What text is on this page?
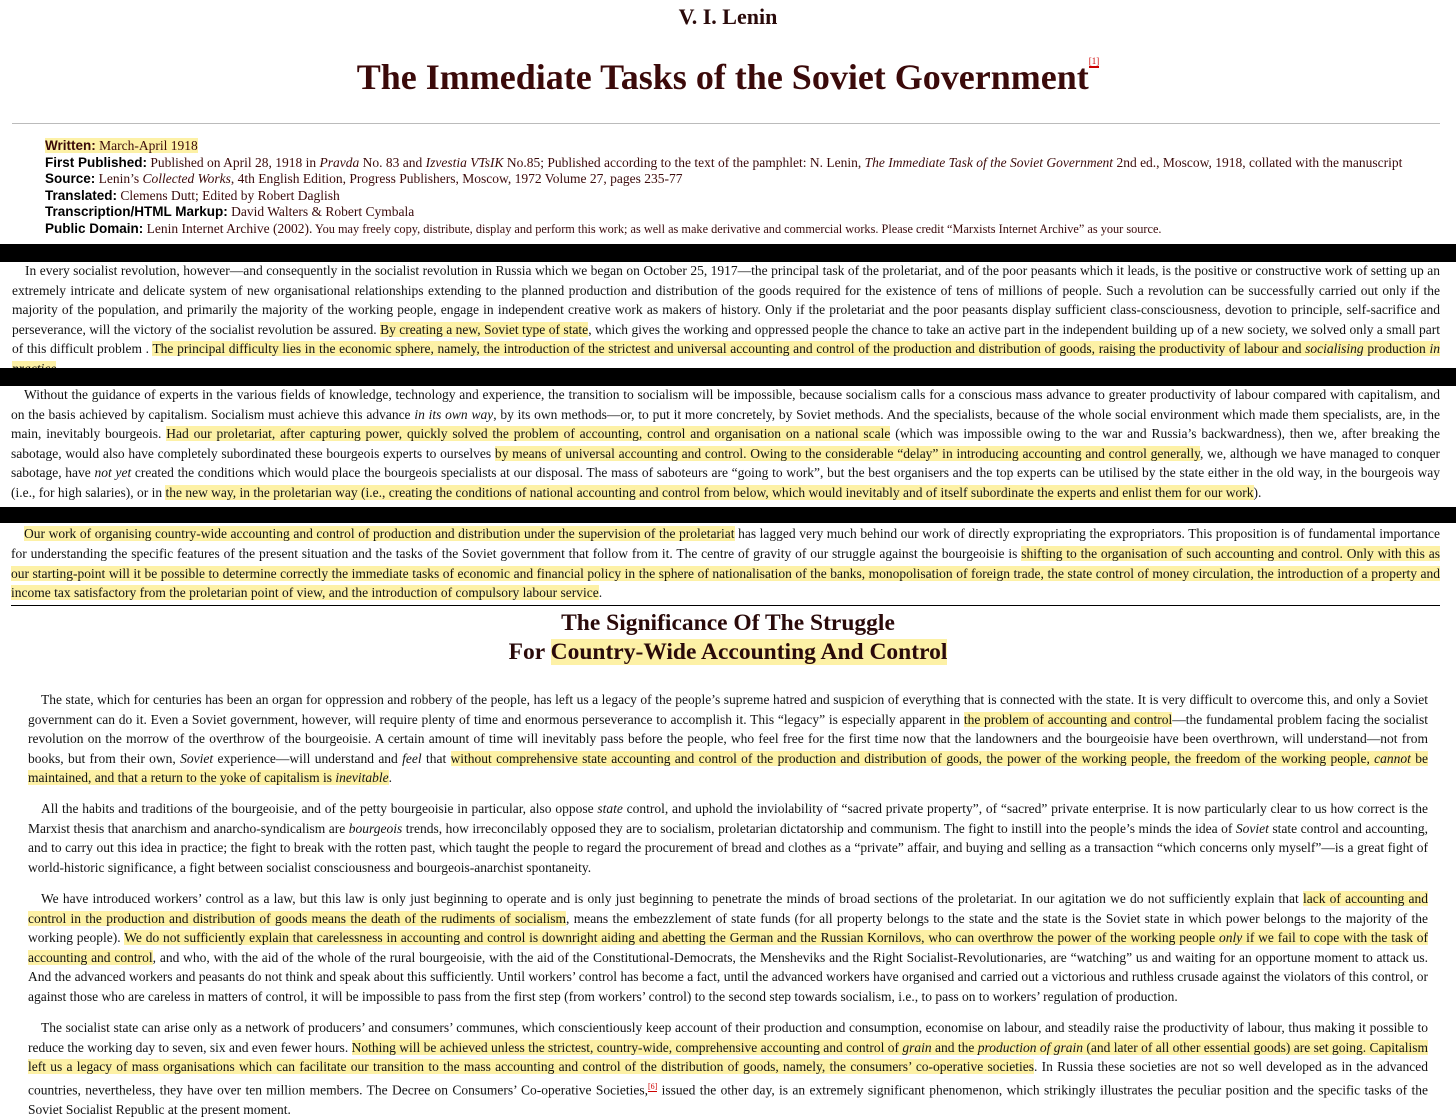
V. I. Lenin
The Immediate Tasks of the Soviet Government[1]
Written: March-April 1918
First Published: Published on April 28, 1918 in Pravda No. 83 and Izvestia VTsIK No.85; Published according to the text of the pamphlet: N. Lenin, The Immediate Task of the Soviet Government 2nd ed., Moscow, 1918, collated with the manuscript
Source: Lenin’s Collected Works, 4th English Edition, Progress Publishers, Moscow, 1972 Volume 27, pages 235-77
Translated: Clemens Dutt; Edited by Robert Daglish
Transcription/HTML Markup: David Walters & Robert Cymbala
Public Domain: Lenin Internet Archive (2002). You may freely copy, distribute, display and perform this work; as well as make derivative and commercial works. Please credit “Marxists Internet Archive” as your source.
In every socialist revolution, however—and consequently in the socialist revolution in Russia which we began on October 25, 1917—the principal task of the proletariat, and of the poor peasants which it leads, is the positive or constructive work of setting up an extremely intricate and delicate system of new organisational relationships extending to the planned production and distribution of the goods required for the existence of tens of millions of people. Such a revolution can be successfully carried out only if the majority of the population, and primarily the majority of the working people, engage in independent creative work as makers of history. Only if the proletariat and the poor peasants display sufficient class-consciousness, devotion to principle, self-sacrifice and perseverance, will the victory of the socialist revolution be assured. By creating a new, Soviet type of state, which gives the working and oppressed people the chance to take an active part in the independent building up of a new society, we solved only a small part of this difficult problem . The principal difficulty lies in the economic sphere, namely, the introduction of the strictest and universal accounting and control of the production and distribution of goods, raising the productivity of labour and socialising production in
Without the guidance of experts in the various fields of knowledge, technology and experience, the transition to socialism will be impossible, because socialism calls for a conscious mass advance to greater productivity of labour compared with capitalism, and on the basis achieved by capitalism. Socialism must achieve this advance in its own way, by its own methods—or, to put it more concretely, by Soviet methods. And the specialists, because of the whole social environment which made them specialists, are, in the main, inevitably bourgeois. Had our proletariat, after capturing power, quickly solved the problem of accounting, control and organisation on a national scale (which was impossible owing to the war and Russia’s backwardness), then we, after breaking the sabotage, would also have completely subordinated these bourgeois experts to ourselves by means of universal accounting and control. Owing to the considerable “delay” in introducing accounting and control generally, we, although we have managed to conquer sabotage, have not yet created the conditions which would place the bourgeois specialists at our disposal. The mass of saboteurs are “going to work”, but the best organisers and the top experts can be utilised by the state either in the old way, in the bourgeois way (i.e., for high salaries), or in the new way, in the proletarian way (i.e., creating the conditions of national accounting and control from below, which would inevitably and of itself subordinate the experts and enlist them for our work).
Our work of organising country-wide accounting and control of production and distribution under the supervision of the proletariat has lagged very much behind our work of directly expropriating the expropriators. This proposition is of fundamental importance for understanding the specific features of the present situation and the tasks of the Soviet government that follow from it. The centre of gravity of our struggle against the bourgeoisie is shifting to the organisation of such accounting and control. Only with this as our starting-point will it be possible to determine correctly the immediate tasks of economic and financial policy in the sphere of nationalisation of the banks, monopolisation of foreign trade, the state control of money circulation, the introduction of a property and income tax satisfactory from the proletarian point of view, and the introduction of compulsory labour service.
The Significance Of The Struggle
For Country-Wide Accounting And Control
The state, which for centuries has been an organ for oppression and robbery of the people, has left us a legacy of the people’s supreme hatred and suspicion of everything that is connected with the state. It is very difficult to overcome this, and only a Soviet government can do it. Even a Soviet government, however, will require plenty of time and enormous perseverance to accomplish it. This “legacy” is especially apparent in the problem of accounting and control—the fundamental problem facing the socialist revolution on the morrow of the overthrow of the bourgeoisie. A certain amount of time will inevitably pass before the people, who feel free for the first time now that the landowners and the bourgeoisie have been overthrown, will understand—not from books, but from their own, Soviet experience—will understand and feel that without comprehensive state accounting and control of the production and distribution of goods, the power of the working people, the freedom of the working people, cannot be maintained, and that a return to the yoke of capitalism is inevitable.
All the habits and traditions of the bourgeoisie, and of the petty bourgeoisie in particular, also oppose state control, and uphold the inviolability of “sacred private property”, of “sacred” private enterprise. It is now particularly clear to us how correct is the Marxist thesis that anarchism and anarcho-syndicalism are bourgeois trends, how irreconcilably opposed they are to socialism, proletarian dictatorship and communism. The fight to instill into the people’s minds the idea of Soviet state control and accounting, and to carry out this idea in practice; the fight to break with the rotten past, which taught the people to regard the procurement of bread and clothes as a “private” affair, and buying and selling as a transaction “which concerns only myself”—is a great fight of world-historic significance, a fight between socialist consciousness and bourgeois-anarchist spontaneity.
We have introduced workers’ control as a law, but this law is only just beginning to operate and is only just beginning to penetrate the minds of broad sections of the proletariat. In our agitation we do not sufficiently explain that lack of accounting and control in the production and distribution of goods means the death of the rudiments of socialism, means the embezzlement of state funds (for all property belongs to the state and the state is the Soviet state in which power belongs to the majority of the working people). We do not sufficiently explain that carelessness in accounting and control is downright aiding and abetting the German and the Russian Kornilovs, who can overthrow the power of the working people only if we fail to cope with the task of accounting and control, and who, with the aid of the whole of the rural bourgeoisie, with the aid of the Constitutional-Democrats, the Mensheviks and the Right Socialist-Revolutionaries, are “watching” us and waiting for an opportune moment to attack us. And the advanced workers and peasants do not think and speak about this sufficiently. Until workers’ control has become a fact, until the advanced workers have organised and carried out a victorious and ruthless crusade against the violators of this control, or against those who are careless in matters of control, it will be impossible to pass from the first step (from workers’ control) to the second step towards socialism, i.e., to pass on to workers’ regulation of production.
The socialist state can arise only as a network of producers’ and consumers’ communes, which conscientiously keep account of their production and consumption, economise on labour, and steadily raise the productivity of labour, thus making it possible to reduce the working day to seven, six and even fewer hours. Nothing will be achieved unless the strictest, country-wide, comprehensive accounting and control of grain and the production of grain (and later of all other essential goods) are set going. Capitalism left us a legacy of mass organisations which can facilitate our transition to the mass accounting and control of the distribution of goods, namely, the consumers’ co-operative societies. In Russia these societies are not so well developed as in the advanced countries, nevertheless, they have over ten million members. The Decree on Consumers’ Co-operative Societies,[6] issued the other day, is an extremely significant phenomenon, which strikingly illustrates the peculiar position and the specific tasks of the Soviet Socialist Republic at the present moment.
